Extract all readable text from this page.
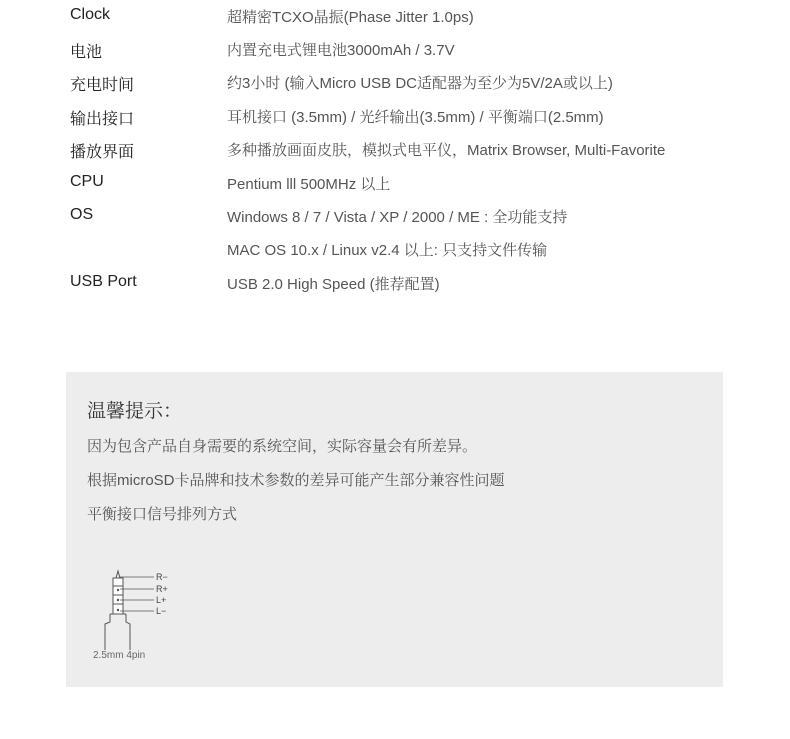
Clock	超精密TCXO晶振(Phase Jitter 1.0ps)
电池	内置充电式锂电池3000mAh / 3.7V
充电时间	约3小时 (输入Micro USB DC适配器为至少为5V/2A或以上)
输出接口	耳机接口 (3.5mm) / 光纤输出(3.5mm) / 平衡端口(2.5mm)
播放界面	多种播放画面皮肤，模拟式电平仪，Matrix Browser, Multi-Favorite
CPU	Pentium lll 500MHz 以上
OS	Windows 8 / 7 / Vista / XP / 2000 / ME : 全功能支持
MAC OS 10.x / Linux v2.4 以上: 只支持文件传输
USB Port	USB 2.0 High Speed (推荐配置)
温馨提示：
因为包含产品自身需要的系统空间，实际容量会有所差异。
根据microSD卡品牌和技术参数的差异可能产生部分兼容性问题
平衡接口信号排列方式
R−
R+
L+
L−
2.5mm 4pin
